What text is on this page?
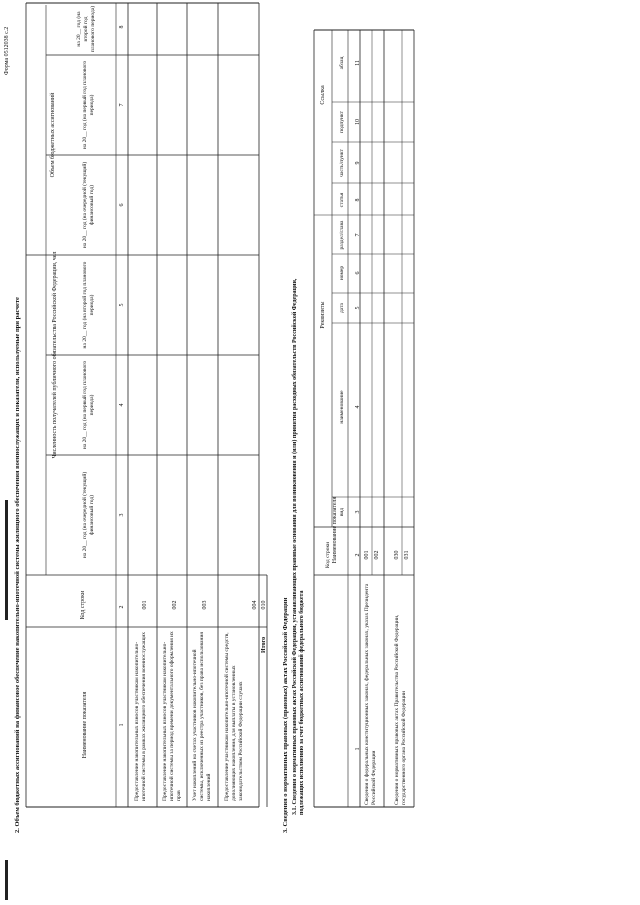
Форма 0512038 с.2
2. Объем бюджетных ассигнований на финансовое обеспечение накопительно-ипотечной системы жилищного обеспечения военнослужащих и показатели, используемые при расчете	Наименование показателя
Код строки
Численность получателей публичного обязательства Российской Федерации, чел
Объем бюджетных ассигнований
на 20__ год (на очередной (текущий) финансовый год)
на 20__ год (на первый год планового периода)
на 20__ год (на второй год планового периода)
на 20__ год (на очередной (текущий) финансовый год)
на 20__ год (на первый год планового периода)
на 20__ год (на второй год планового периода)
1
2
3
4
5
6
7
8
Предоставление накопительных взносов участникам накопительно-ипотечной системы в рамках жилищного обеспечения военнослужащих
001
Предоставление накопительных взносов участникам накопительно-ипотечной системы за период времени документального оформления их прав
002
Учет накоплений на счетах участников накопительно-ипотечной системы, исключенных из реестра участников, без права использования накоплений
003
Предоставление участникам накопительно-ипотечной системы средств, дополняющих накопления, для выплаты в установленных законодательством Российской Федерации случаях
004
Итого
010 3. Сведения о нормативных правовых (правовых) актах Российской Федерации 3.1. Сведения о нормативных правовых актах Российской Федерации, устанавливающих правовые основания для возникновения и (или) принятия расходных обязательств Российской Федерации, подлежащих исполнению за счет бюджетных ассигнований федерального бюджета
Наименование показателя
Код строки
Реквизиты
Ссылка
вид
наименование
дата
номер
раздел/глава
статья
часть/пункт
подпункт
абзац
1
2
3
4
5
6
7
8
9
10
11
Сведения о федеральных конституционных законах, федеральных законах, указах Президента Российской Федерации
001 002
Сведения о нормативных правовых актах Правительства Российской Федерации, государственного органа Российской Федерации
030 031
